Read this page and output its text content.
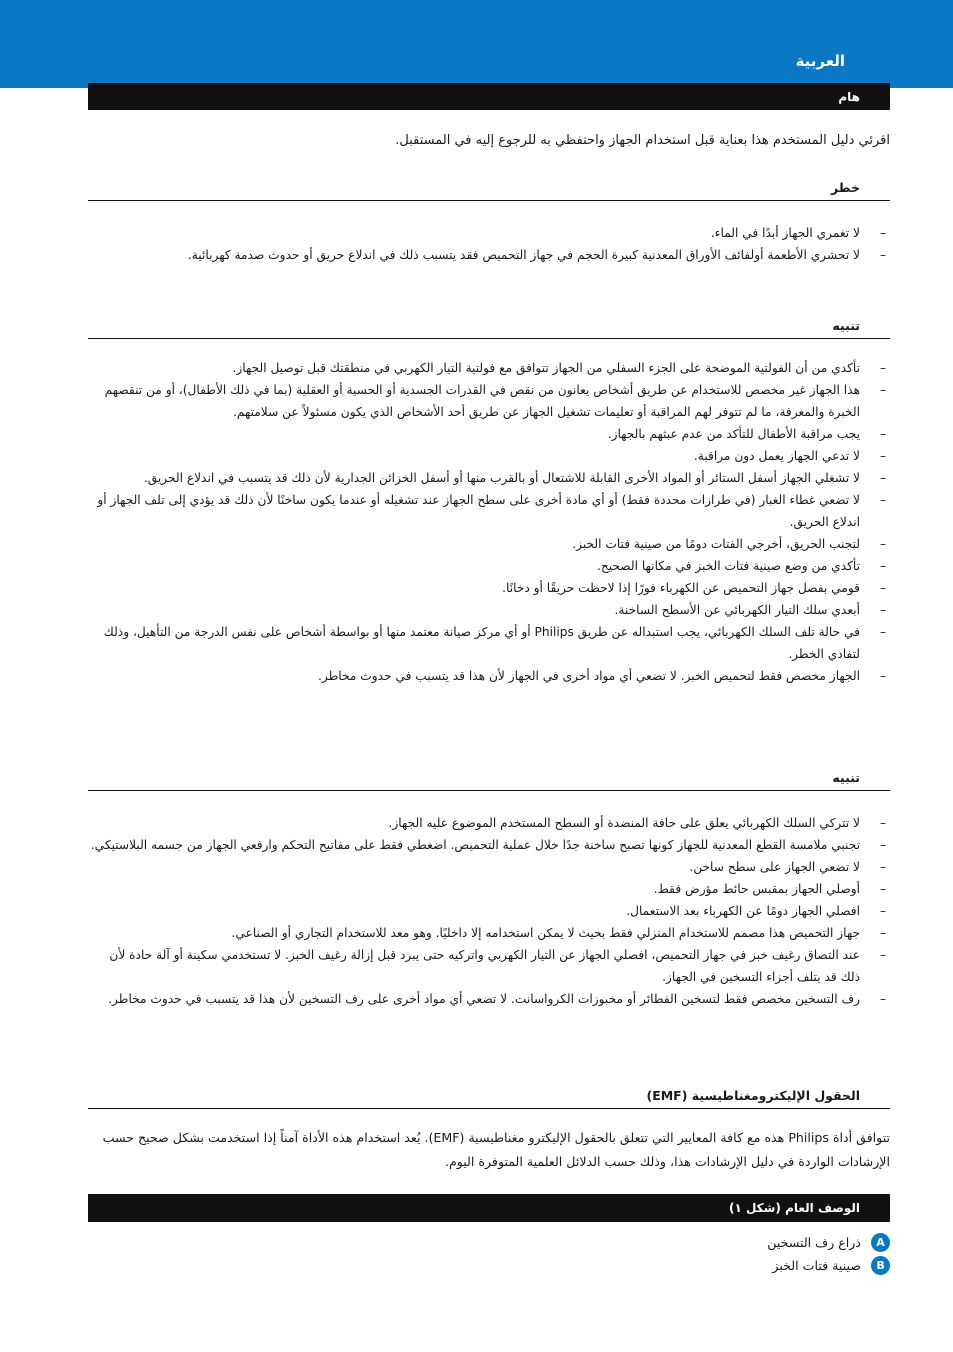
العربية
هام
اقرئي دليل المستخدم هذا بعناية قبل استخدام الجهاز واحتفظي به للرجوع إليه في المستقبل.
خطر
–
لا تغمري الجهاز أبدًا في الماء.
–
لا تحشري الأطعمة أولفائف الأوراق المعدنية كبيرة الحجم في جهاز التحميص فقد يتسبب ذلك في اندلاع حريق أو حدوث صدمة كهربائية.
تنبيه
–
تأكدي من أن الفولتية الموضحة على الجزء السفلي من الجهاز تتوافق مع فولتية التيار الكهربي في منطقتك قبل توصيل الجهاز.
–
هذا الجهاز غير مخصص للاستخدام عن طريق أشخاص يعانون من نقص في القدرات الجسدية أو الحسية أو العقلية (بما في ذلك الأطفال)، أو من تنقصهم الخبرة والمعرفة، ما لم تتوفر لهم المراقبة أو تعليمات تشغيل الجهاز عن طريق أحد الأشخاص الذي يكون مسئولاً عن سلامتهم.
–
يجب مراقبة الأطفال للتأكد من عدم عبثهم بالجهاز.
–
لا تدعي الجهاز يعمل دون مراقبة.
–
لا تشغلي الجهاز أسفل الستائر أو المواد الأخرى القابلة للاشتعال أو بالقرب منها أو أسفل الخزائن الجدارية لأن ذلك قد يتسبب في اندلاع الحريق.
–
لا تضعي غطاء الغبار (في طرازات محددة فقط) أو أي مادة أخرى على سطح الجهاز عند تشغيله أو عندما يكون ساخنًا لأن ذلك قد يؤدي إلى تلف الجهاز أو اندلاع الحريق.
–
لتجنب الحريق، أخرجي الفتات دومًا من صينية فتات الخبز.
–
تأكدي من وضع صينية فتات الخبز في مكانها الصحيح.
–
قومي بفصل جهاز التحميص عن الكهرباء فورًا إذا لاحظت حريقًا أو دخانًا.
–
أبعدي سلك التيار الكهربائي عن الأسطح الساخنة.
–
في حالة تلف السلك الكهربائي، يجب استبداله عن طريق Philips أو أي مركز صيانة معتمد منها أو بواسطة أشخاص على نفس الدرجة من التأهيل، وذلك لتفادي الخطر.
–
الجهاز مخصص فقط لتحميص الخبز. لا تضعي أي مواد أخرى في الجهاز لأن هذا قد يتسبب في حدوث مخاطر.
تنبيه
–
لا تتركي السلك الكهربائي يعلق على حافة المنضدة أو السطح المستخدم الموضوع عليه الجهاز.
–
تجنبي ملامسة القطع المعدنية للجهاز كونها تصبح ساخنة جدًا خلال عملية التحميص. اضغطي فقط على مفاتيح التحكم وارفعي الجهاز من جسمه البلاستيكي.
–
لا تضعي الجهاز على سطح ساخن.
–
أوصلي الجهاز بمقبس حائط مؤرض فقط.
–
افصلي الجهاز دومًا عن الكهرباء بعد الاستعمال.
–
جهاز التحميص هذا مصمم للاستخدام المنزلي فقط بحيث لا يمكن استخدامه إلا داخليًا. وهو معد للاستخدام التجاري أو الصناعي.
–
عند التصاق رغيف خبز في جهاز التحميص، افصلي الجهاز عن التيار الكهربي واتركيه حتى يبرد قبل إزالة رغيف الخبز. لا تستخدمي سكينة أو آلة حادة لأن ذلك قد يتلف أجزاء التسخين في الجهاز.
–
رف التسخين مخصص فقط لتسخين الفطائر أو مخبوزات الكرواسانت. لا تضعي أي مواد أخرى على رف التسخين لأن هذا قد يتسبب في حدوث مخاطر.
الحقول الإليكترومغناطيسية (EMF)
تتوافق أداة Philips هذه مع كافة المعايير التي تتعلق بالحقول الإليكترو مغناطيسية (EMF). يُعد استخدام هذه الأداة آمناً إذا استخدمت بشكل صحيح حسب الإرشادات الواردة في دليل الإرشادات هذا، وذلك حسب الدلائل العلمية المتوفرة اليوم.
الوصف العام (شكل ١)
A
ذراع رف التسخين
B
صينية فتات الخبز
